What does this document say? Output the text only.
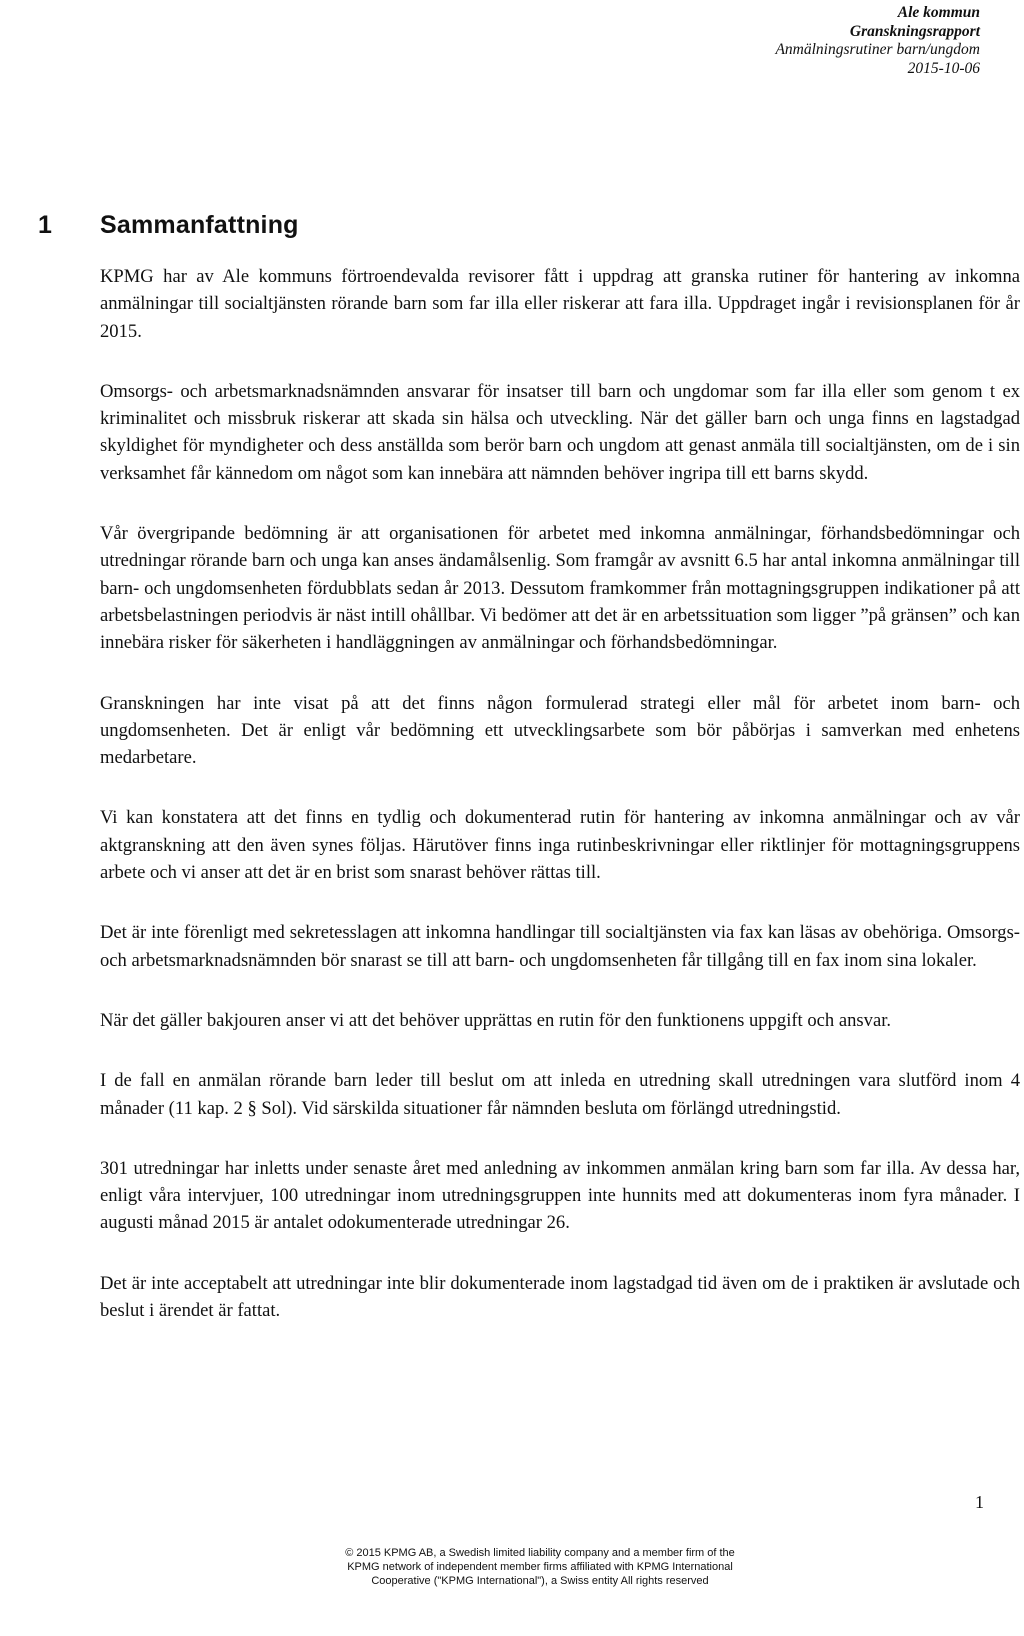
Ale kommun
Granskningsrapport
Anmälningsrutiner barn/ungdom
2015-10-06
1 Sammanfattning

KPMG har av Ale kommuns förtroendevalda revisorer fått i uppdrag att granska rutiner för hantering av inkomna anmälningar till socialtjänsten rörande barn som far illa eller riskerar att fara illa. Uppdraget ingår i revisionsplanen för år 2015.

Omsorgs- och arbetsmarknadsnämnden ansvarar för insatser till barn och ungdomar som far illa eller som genom t ex kriminalitet och missbruk riskerar att skada sin hälsa och utveckling. När det gäller barn och unga finns en lagstadgad skyldighet för myndigheter och dess anställda som berör barn och ungdom att genast anmäla till socialtjänsten, om de i sin verksamhet får kännedom om något som kan innebära att nämnden behöver ingripa till ett barns skydd.

Vår övergripande bedömning är att organisationen för arbetet med inkomna anmälningar, förhandsbedömningar och utredningar rörande barn och unga kan anses ändamålsenlig. Som framgår av avsnitt 6.5 har antal inkomna anmälningar till barn- och ungdomsenheten fördubblats sedan år 2013. Dessutom framkommer från mottagningsgruppen indikationer på att arbetsbelastningen periodvis är näst intill ohållbar. Vi bedömer att det är en arbetssituation som ligger ”på gränsen” och kan innebära risker för säkerheten i handläggningen av anmälningar och förhandsbedömningar.

Granskningen har inte visat på att det finns någon formulerad strategi eller mål för arbetet inom barn- och ungdomsenheten. Det är enligt vår bedömning ett utvecklingsarbete som bör påbörjas i samverkan med enhetens medarbetare.

Vi kan konstatera att det finns en tydlig och dokumenterad rutin för hantering av inkomna anmälningar och av vår aktgranskning att den även synes följas. Härutöver finns inga rutinbeskrivningar eller riktlinjer för mottagningsgruppens arbete och vi anser att det är en brist som snarast behöver rättas till.

Det är inte förenligt med sekretesslagen att inkomna handlingar till socialtjänsten via fax kan läsas av obehöriga. Omsorgs- och arbetsmarknadsnämnden bör snarast se till att barn- och ungdomsenheten får tillgång till en fax inom sina lokaler.

När det gäller bakjouren anser vi att det behöver upprättas en rutin för den funktionens uppgift och ansvar.

I de fall en anmälan rörande barn leder till beslut om att inleda en utredning skall utredningen vara slutförd inom 4 månader (11 kap. 2 § Sol). Vid särskilda situationer får nämnden besluta om förlängd utredningstid.

301 utredningar har inletts under senaste året med anledning av inkommen anmälan kring barn som far illa. Av dessa har, enligt våra intervjuer, 100 utredningar inom utredningsgruppen inte hunnits med att dokumenteras inom fyra månader. I augusti månad 2015 är antalet odokumenterade utredningar 26.

Det är inte acceptabelt att utredningar inte blir dokumenterade inom lagstadgad tid även om de i praktiken är avslutade och beslut i ärendet är fattat.

1
© 2015 KPMG AB, a Swedish limited liability company and a member firm of the
KPMG network of independent member firms affiliated with KPMG International
Cooperative ("KPMG International"), a Swiss entity All rights reserved
